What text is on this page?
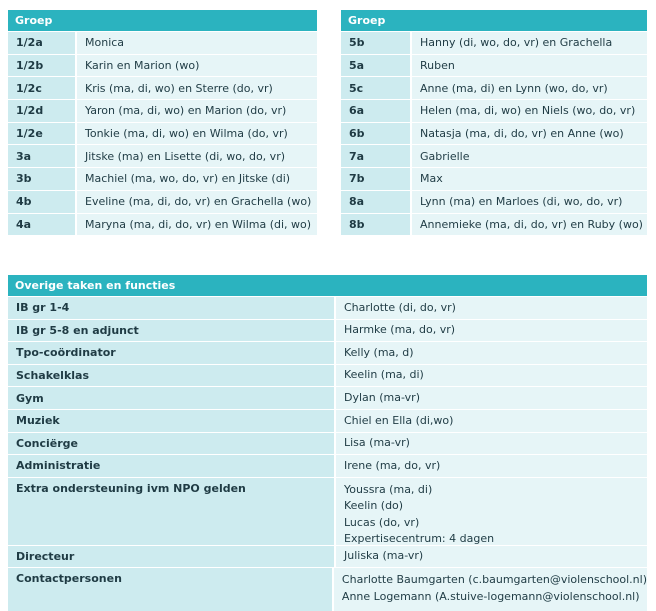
Groep
1/2a	Monica
1/2b	Karin en Marion (wo)
1/2c	Kris (ma, di, wo) en Sterre (do, vr)
1/2d	Yaron (ma, di, wo) en Marion (do, vr)
1/2e	Tonkie (ma, di, wo) en Wilma (do, vr)
3a	Jitske (ma) en Lisette (di, wo, do, vr)
3b	Machiel (ma, wo, do, vr) en Jitske (di)
4b	Eveline (ma, di, do, vr) en Grachella (wo)
4a	Maryna (ma, di, do, vr) en Wilma (di, wo)
Groep
5b	Hanny (di, wo, do, vr) en Grachella
5a	Ruben
5c	Anne (ma, di) en Lynn (wo, do, vr)
6a	Helen (ma, di, wo) en Niels (wo, do, vr)
6b	Natasja (ma, di, do, vr) en Anne (wo)
7a	Gabrielle
7b	Max
8a	Lynn (ma) en Marloes (di, wo, do, vr)
8b	Annemieke (ma, di, do, vr) en Ruby (wo)
Overige taken en functies
IB gr 1-4	Charlotte (di, do, vr)
IB gr 5-8 en adjunct	Harmke (ma, do, vr)
Tpo-coördinator	Kelly (ma, d)
Schakelklas	Keelin (ma, di)
Gym	Dylan (ma-vr)
Muziek	Chiel en Ella (di,wo)
Conciërge	Lisa (ma-vr)
Administratie	Irene (ma, do, vr)
Extra ondersteuning ivm NPO gelden	Youssra (ma, di)
Keelin (do)
Lucas (do, vr)
Expertisecentrum: 4 dagen
Directeur	Juliska (ma-vr)
Contactpersonen	Charlotte Baumgarten (c.baumgarten@violenschool.nl)
Anne Logemann (A.stuive-logemann@violenschool.nl)
